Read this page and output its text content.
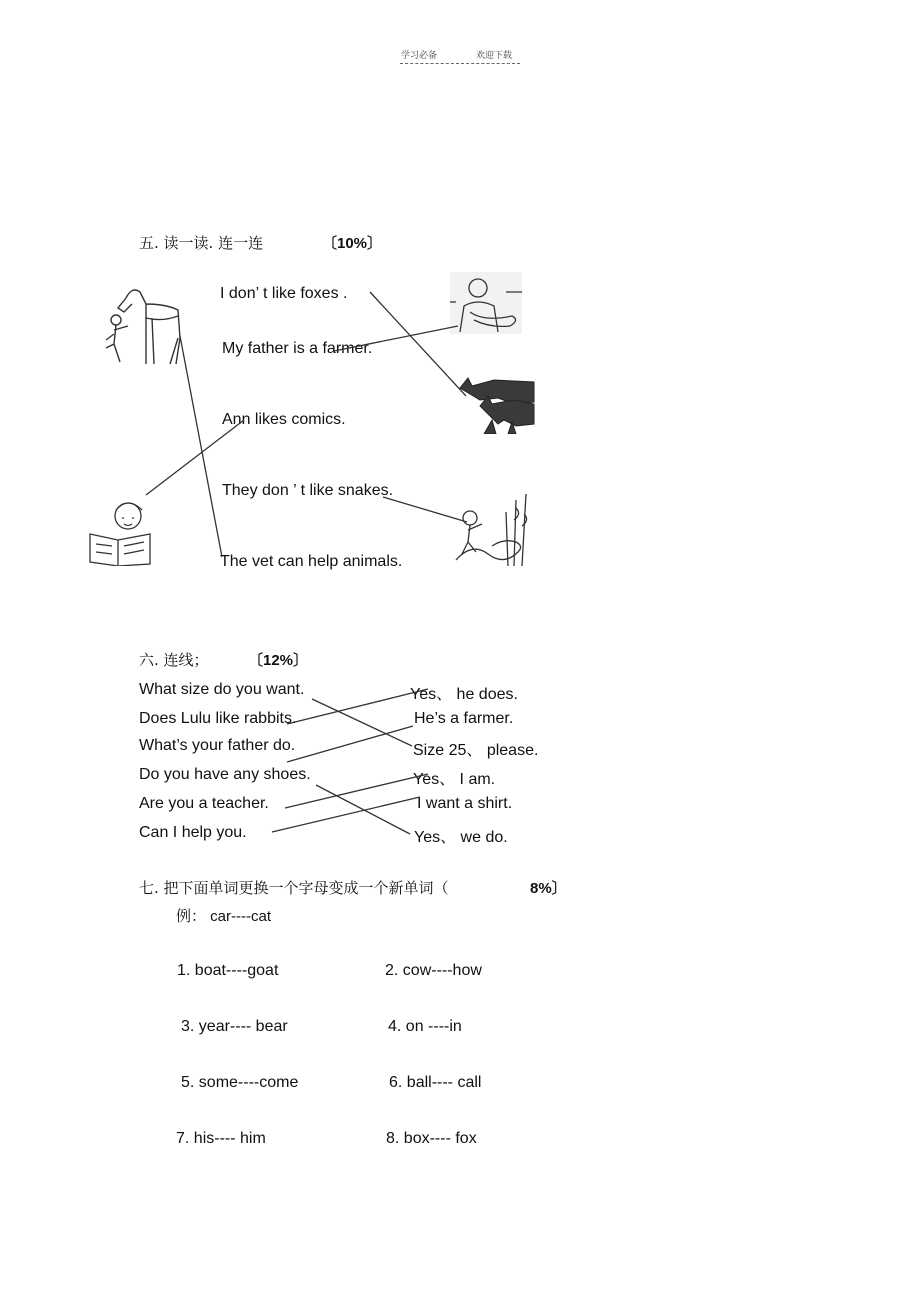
学习必备	欢迎下载
五. 读一读. 连一连	〔10%〕
I don’ t like foxes .
My father is a farmer.
Ann likes comics.
They don ’ t like snakes.
The vet can help animals.
六. 连线；	〔12%〕
What size do you want.
Does Lulu like rabbits.
What’s your father do.
Do you have any shoes.
Are you a teacher.
Can I help you.
Yes、 he does.
He’s a farmer.
Size 25、 please.
Yes、 I am.
I want a shirt.
Yes、 we do.
七. 把下面单词更换一个字母变成一个新单词（	8%〕
例： car----cat
1. boat----goat	2. cow----how
3. year---- bear	4. on ----in
5. some----come	6. ball---- call
7. his---- him	8. box---- fox
